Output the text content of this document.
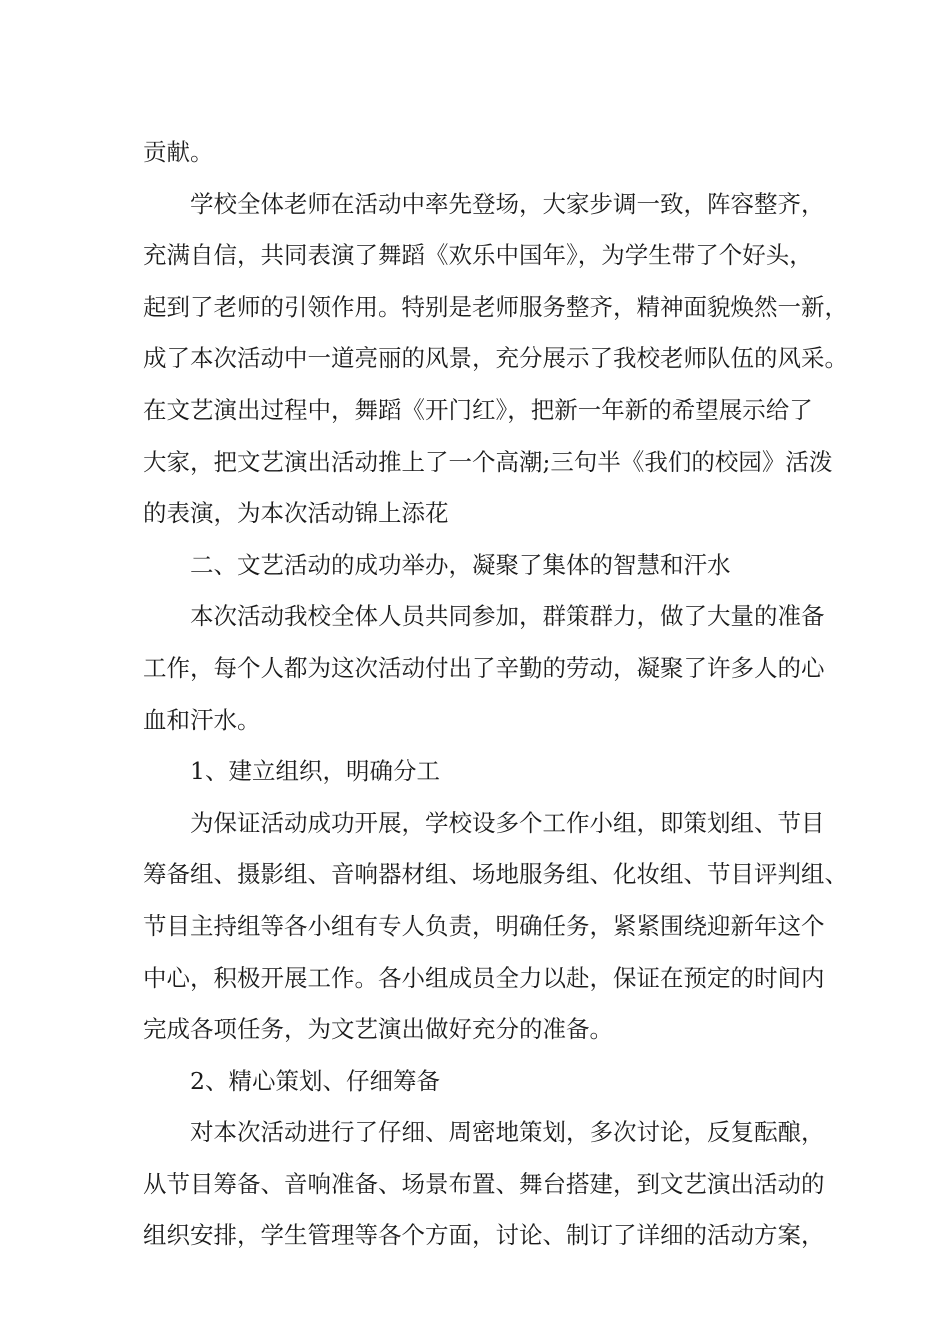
贡献。
学校全体老师在活动中率先登场，大家步调一致，阵容整齐，
充满自信，共同表演了舞蹈《欢乐中国年》，为学生带了个好头，
起到了老师的引领作用。特别是老师服务整齐，精神面貌焕然一新，
成了本次活动中一道亮丽的风景，充分展示了我校老师队伍的风采。
在文艺演出过程中，舞蹈《开门红》，把新一年新的希望展示给了
大家，把文艺演出活动推上了一个高潮;三句半《我们的校园》活泼
的表演，为本次活动锦上添花
二、文艺活动的成功举办，凝聚了集体的智慧和汗水
本次活动我校全体人员共同参加，群策群力，做了大量的准备
工作，每个人都为这次活动付出了辛勤的劳动，凝聚了许多人的心
血和汗水。
1、建立组织，明确分工
为保证活动成功开展，学校设多个工作小组，即策划组、节目
筹备组、摄影组、音响器材组、场地服务组、化妆组、节目评判组、
节目主持组等各小组有专人负责，明确任务，紧紧围绕迎新年这个
中心，积极开展工作。各小组成员全力以赴，保证在预定的时间内
完成各项任务，为文艺演出做好充分的准备。
2、精心策划、仔细筹备
对本次活动进行了仔细、周密地策划，多次讨论，反复酝酿，
从节目筹备、音响准备、场景布置、舞台搭建，到文艺演出活动的
组织安排，学生管理等各个方面，讨论、制订了详细的活动方案，
